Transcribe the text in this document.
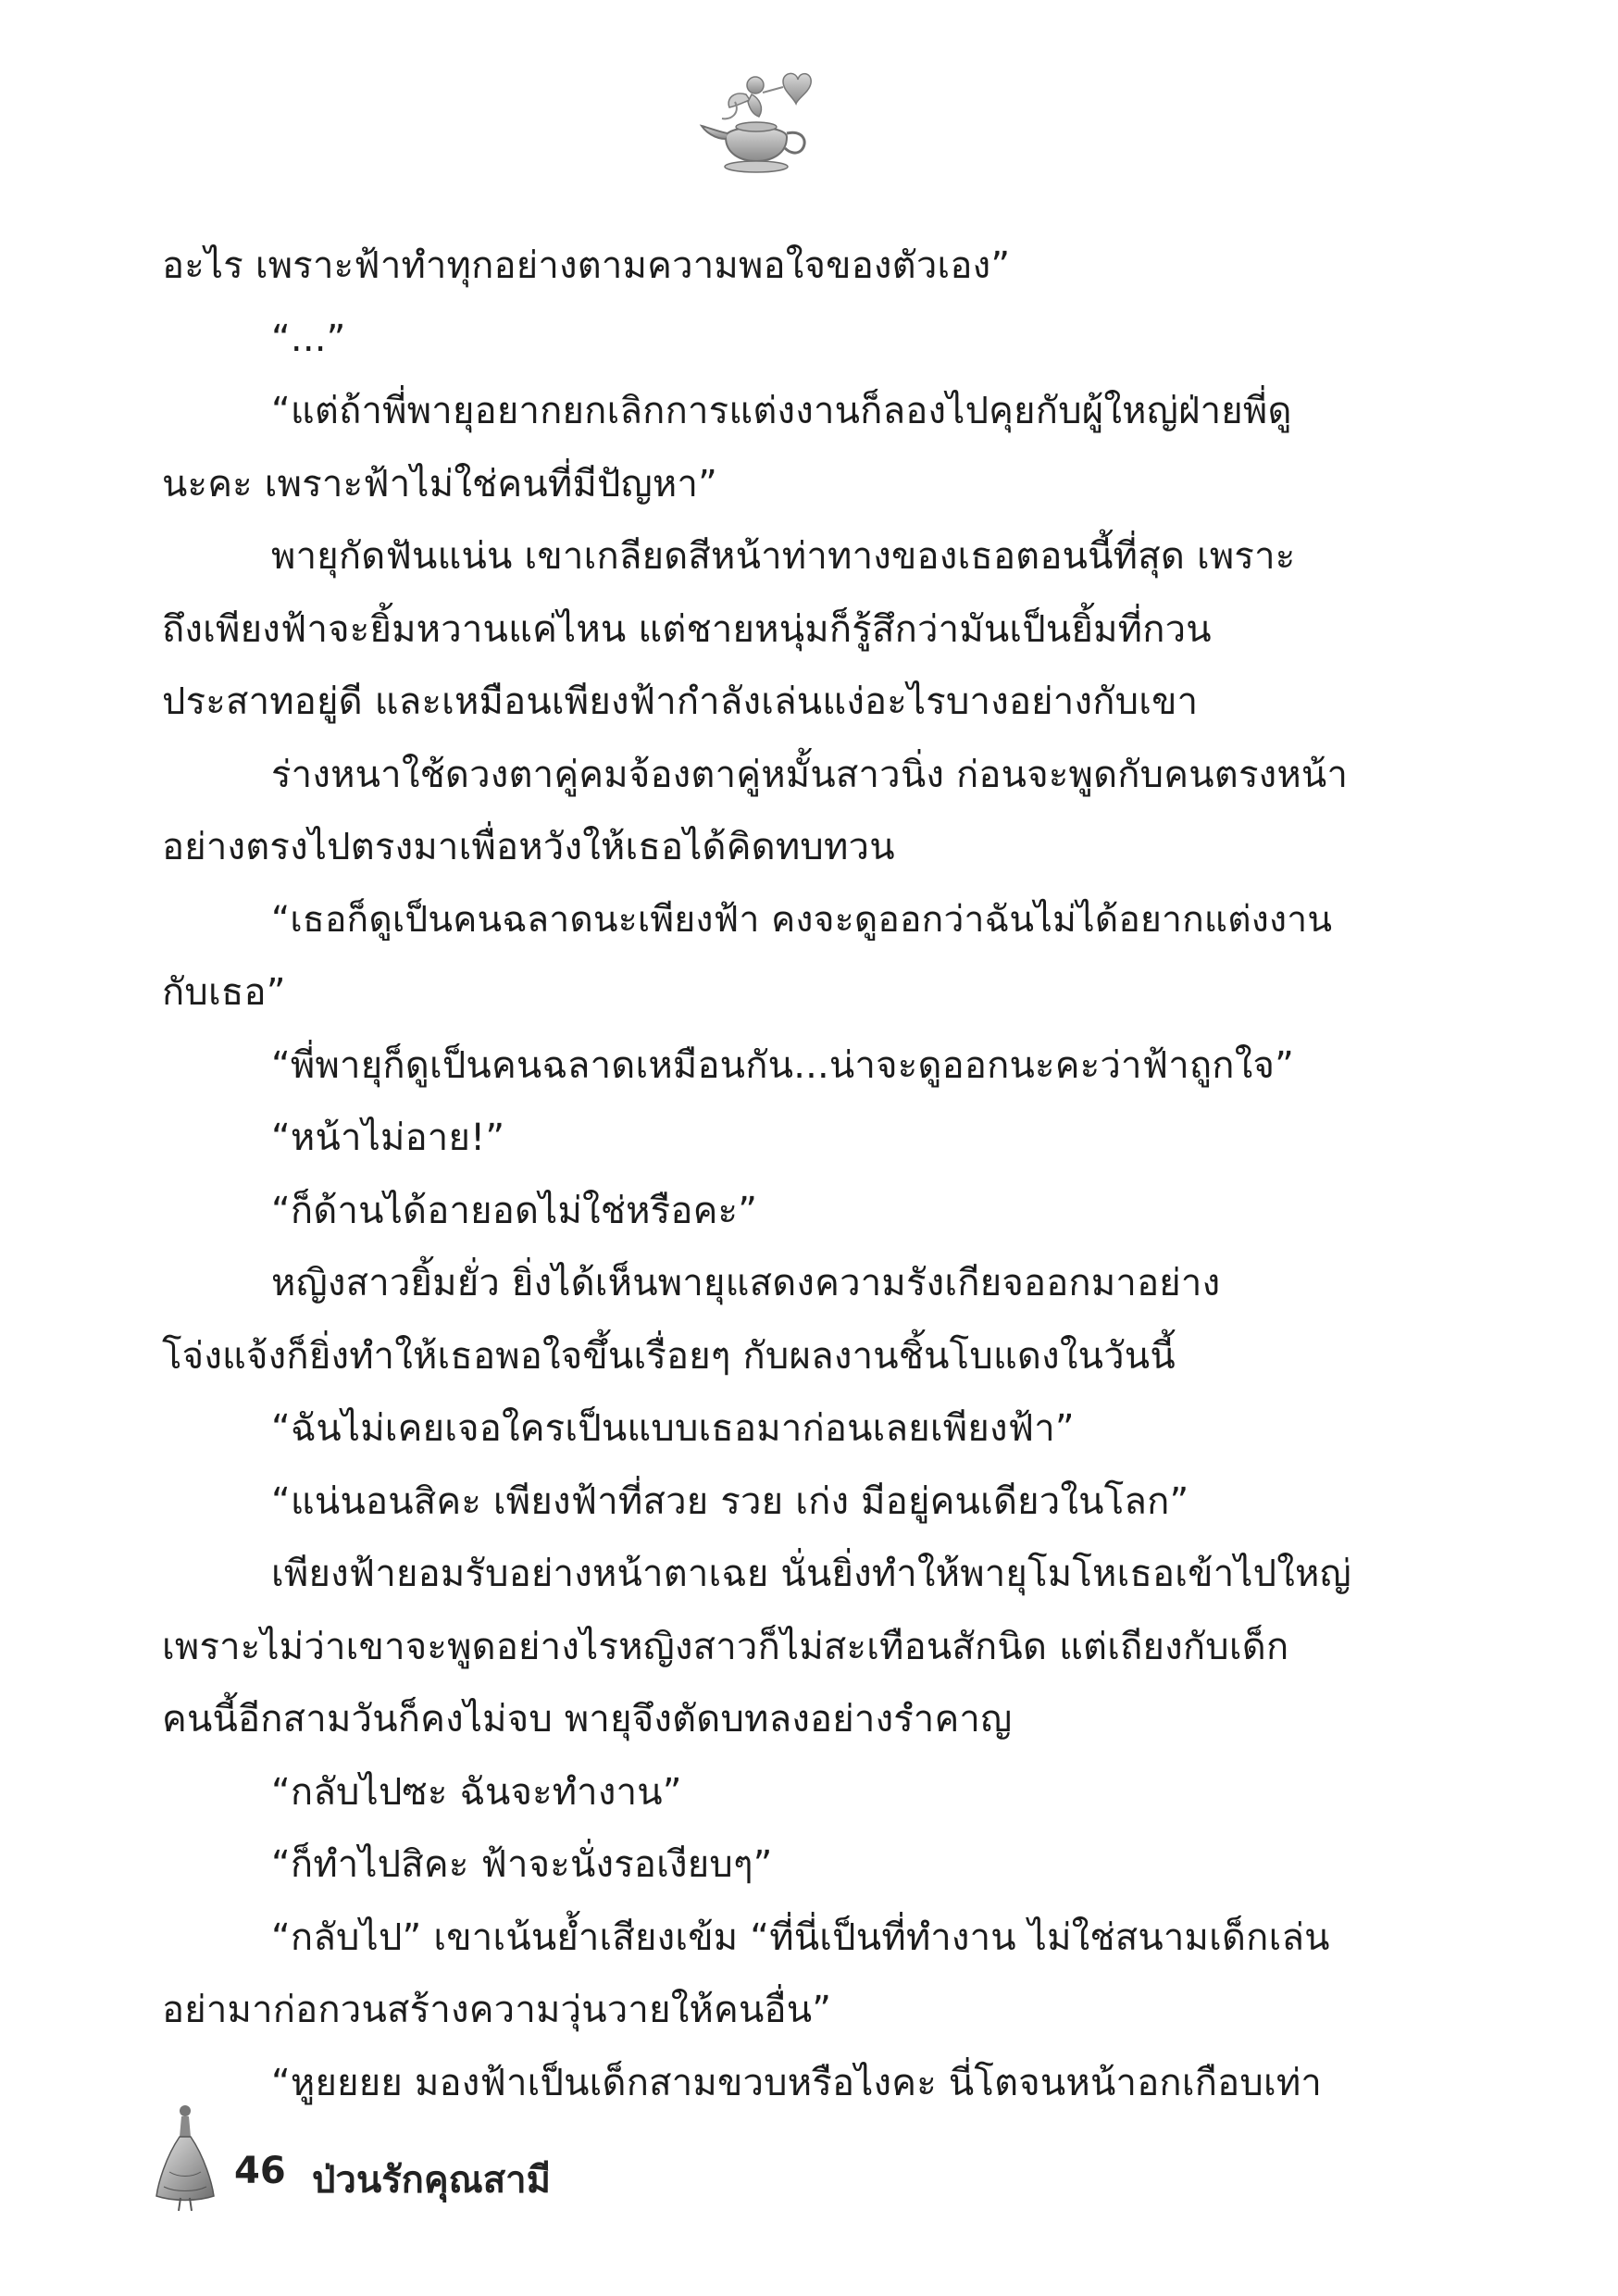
อะไร เพราะฟ้าทำทุกอย่างตามความพอใจของตัวเอง”
“...”
“แต่ถ้าพี่พายุอยากยกเลิกการแต่งงานก็ลองไปคุยกับผู้ใหญ่ฝ่ายพี่ดู
นะคะ เพราะฟ้าไม่ใช่คนที่มีปัญหา”
พายุกัดฟันแน่น เขาเกลียดสีหน้าท่าทางของเธอตอนนี้ที่สุด เพราะ
ถึงเพียงฟ้าจะยิ้มหวานแค่ไหน แต่ชายหนุ่มก็รู้สึกว่ามันเป็นยิ้มที่กวน
ประสาทอยู่ดี และเหมือนเพียงฟ้ากำลังเล่นแง่อะไรบางอย่างกับเขา
ร่างหนาใช้ดวงตาคู่คมจ้องตาคู่หมั้นสาวนิ่ง ก่อนจะพูดกับคนตรงหน้า
อย่างตรงไปตรงมาเพื่อหวังให้เธอได้คิดทบทวน
“เธอก็ดูเป็นคนฉลาดนะเพียงฟ้า คงจะดูออกว่าฉันไม่ได้อยากแต่งงาน
กับเธอ”
“พี่พายุก็ดูเป็นคนฉลาดเหมือนกัน...น่าจะดูออกนะคะว่าฟ้าถูกใจ”
“หน้าไม่อาย!”
“ก็ด้านได้อายอดไม่ใช่หรือคะ”
หญิงสาวยิ้มยั่ว ยิ่งได้เห็นพายุแสดงความรังเกียจออกมาอย่าง
โจ่งแจ้งก็ยิ่งทำให้เธอพอใจขึ้นเรื่อยๆ กับผลงานชิ้นโบแดงในวันนี้
“ฉันไม่เคยเจอใครเป็นแบบเธอมาก่อนเลยเพียงฟ้า”
“แน่นอนสิคะ เพียงฟ้าที่สวย รวย เก่ง มีอยู่คนเดียวในโลก”
เพียงฟ้ายอมรับอย่างหน้าตาเฉย นั่นยิ่งทำให้พายุโมโหเธอเข้าไปใหญ่
เพราะไม่ว่าเขาจะพูดอย่างไรหญิงสาวก็ไม่สะเทือนสักนิด แต่เถียงกับเด็ก
คนนี้อีกสามวันก็คงไม่จบ พายุจึงตัดบทลงอย่างรำคาญ
“กลับไปซะ ฉันจะทำงาน”
“ก็ทำไปสิคะ ฟ้าจะนั่งรอเงียบๆ”
“กลับไป” เขาเน้นย้ำเสียงเข้ม “ที่นี่เป็นที่ทำงาน ไม่ใช่สนามเด็กเล่น
อย่ามาก่อกวนสร้างความวุ่นวายให้คนอื่น”
“หูยยยย มองฟ้าเป็นเด็กสามขวบหรือไงคะ นี่โตจนหน้าอกเกือบเท่า
46 ป่วนรักคุณสามี
